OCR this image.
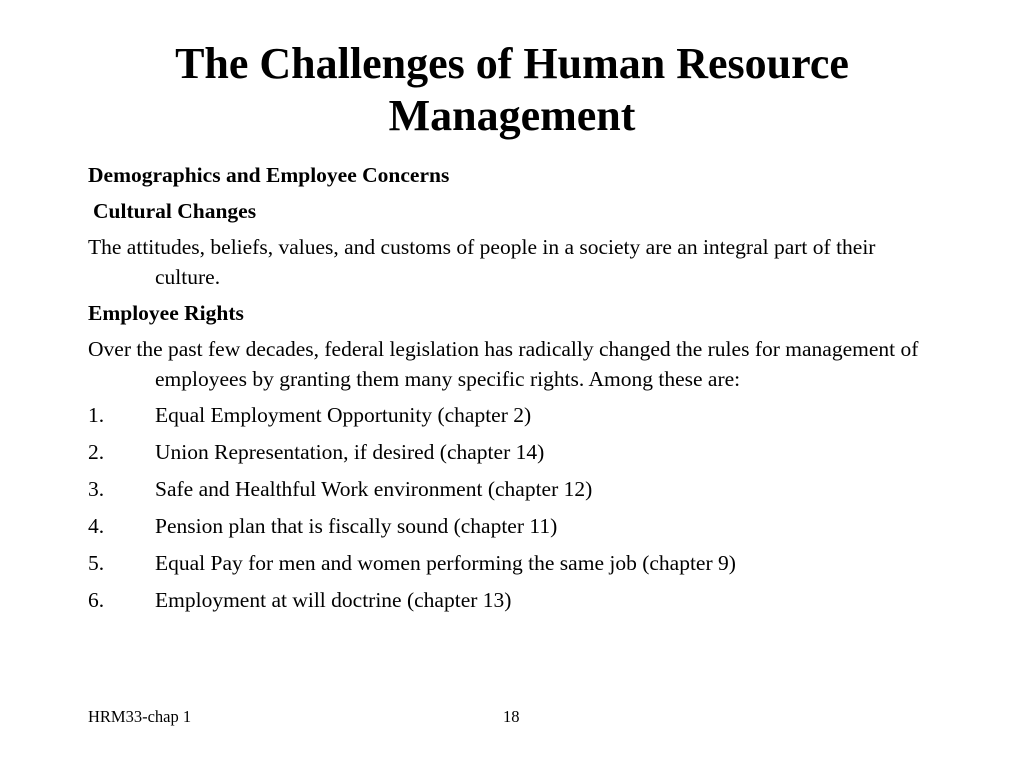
The Challenges of Human Resource
Management
Demographics and Employee Concerns
Cultural Changes
The attitudes, beliefs, values, and customs of people in a society are an integral part of their culture.
Employee Rights
Over the past few decades, federal legislation has radically changed the rules for management of employees by granting them many specific rights. Among these are:
1. Equal Employment Opportunity (chapter 2)
2. Union Representation, if desired (chapter 14)
3. Safe and Healthful Work environment (chapter 12)
4. Pension plan that is fiscally sound (chapter 11)
5. Equal Pay for men and women performing the same job (chapter 9)
6. Employment at will doctrine (chapter 13)
HRM33-chap 1	18
